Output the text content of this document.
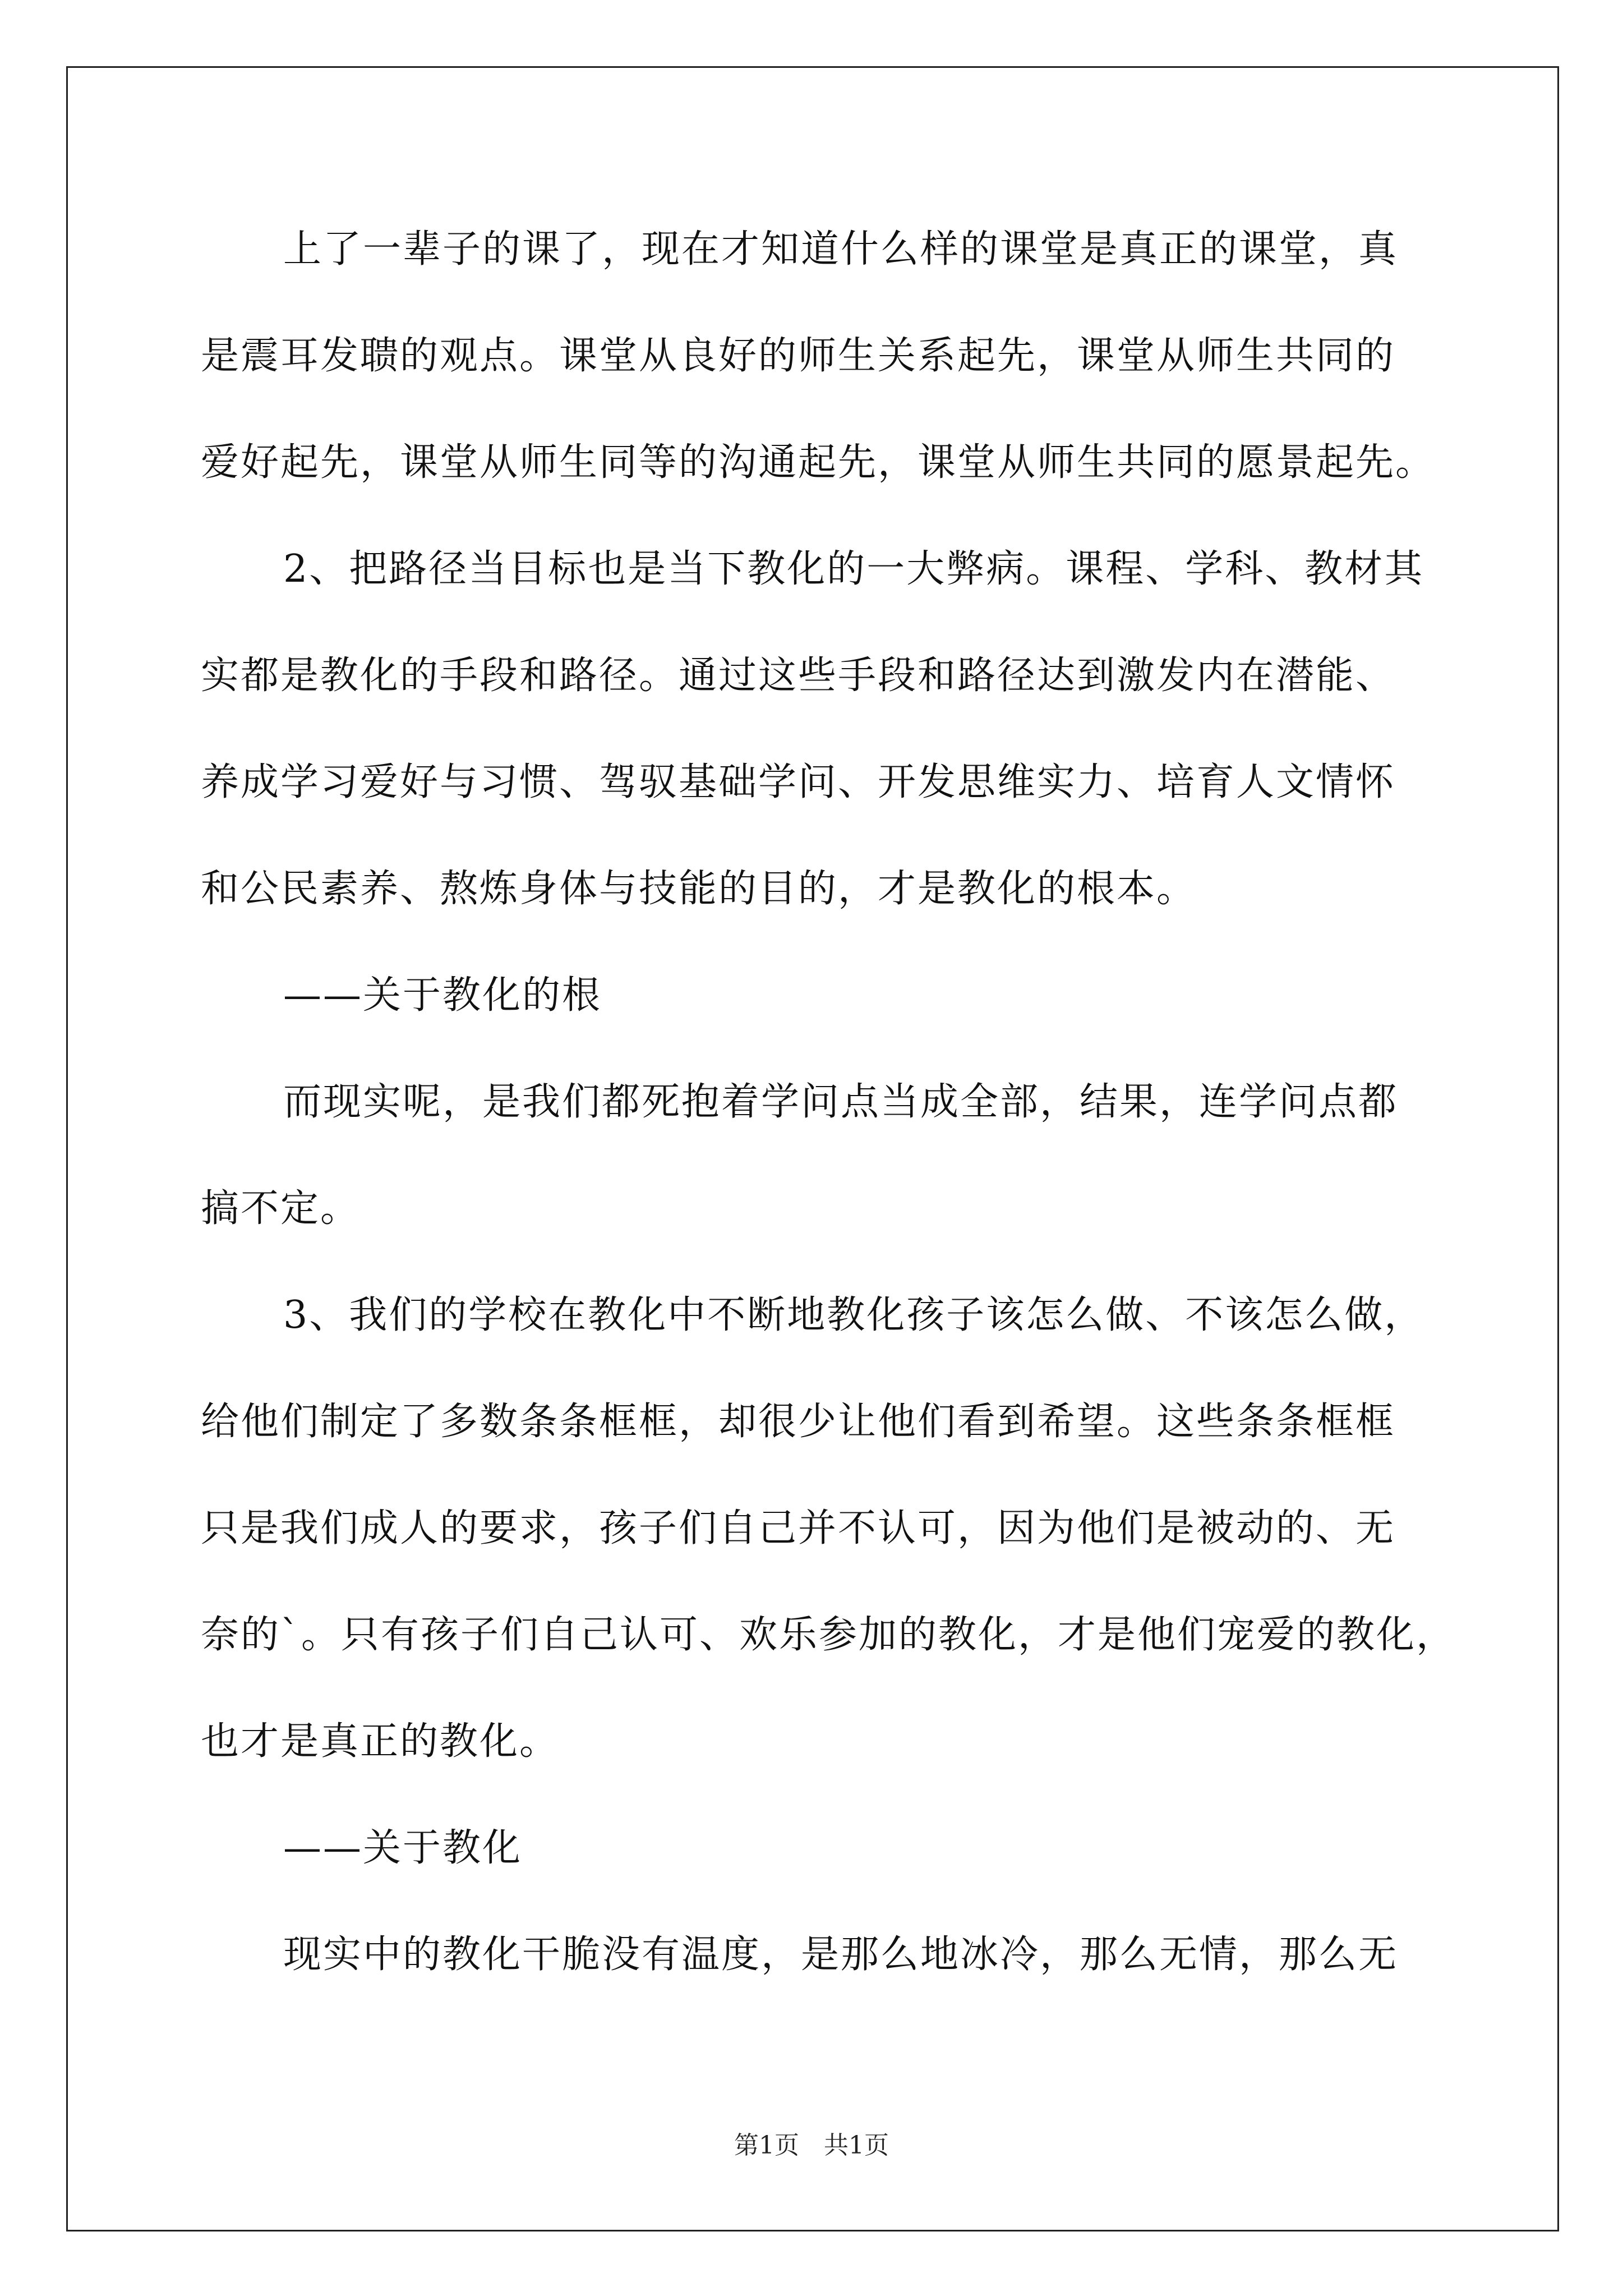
上了一辈子的课了，现在才知道什么样的课堂是真正的课堂，真
是震耳发聩的观点。课堂从良好的师生关系起先，课堂从师生共同的
爱好起先，课堂从师生同等的沟通起先，课堂从师生共同的愿景起先。
2、把路径当目标也是当下教化的一大弊病。课程、学科、教材其
实都是教化的手段和路径。通过这些手段和路径达到激发内在潜能、
养成学习爱好与习惯、驾驭基础学问、开发思维实力、培育人文情怀
和公民素养、熬炼身体与技能的目的，才是教化的根本。
——关于教化的根
而现实呢，是我们都死抱着学问点当成全部，结果，连学问点都
搞不定。
3、我们的学校在教化中不断地教化孩子该怎么做、不该怎么做，
给他们制定了多数条条框框，却很少让他们看到希望。这些条条框框
只是我们成人的要求，孩子们自己并不认可，因为他们是被动的、无
奈的`。只有孩子们自己认可、欢乐参加的教化，才是他们宠爱的教化，
也才是真正的教化。
——关于教化
现实中的教化干脆没有温度，是那么地冰冷，那么无情，那么无
第1页　共1页
